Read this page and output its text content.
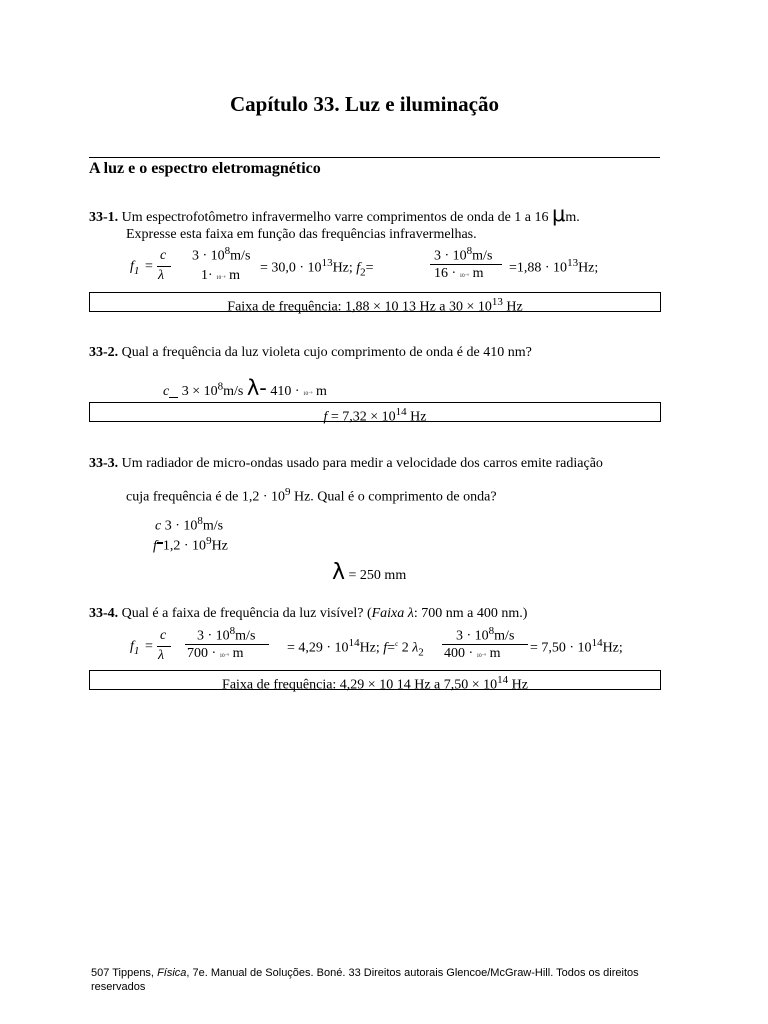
Capítulo 33. Luz e iluminação
A luz e o espectro eletromagnético
33-1. Um espectrofotômetro infravermelho varre comprimentos de onda de 1 a 16 μm.
Expresse esta faixa em função das frequências infravermelhas.
$f_1$ =
c
λ
$3 \cdot 10^8m/s$
1· 10⁻⁶ $m = 30,0 \cdot 10^{13}Hz$; $f_2=$
$3 \cdot 10^8m/s$
16 · 10⁻⁶ $m =1,88 \cdot 10^{13}Hz$;
Faixa de frequência: 1,88 × 10 13 Hz a $30 \times 10^{13}$ Hz
33-2. Qual a frequência da luz violeta cujo comprimento de onda é de 410 nm?
c $3 \times 10^8m/s$ λ- 410 · 10⁻⁹ m
$f = 7,32 \times 10^{14}$ Hz
33-3. Um radiador de micro-ondas usado para medir a velocidade dos carros emite radiação
cuja frequência é de $1,2 \cdot 10^9$ Hz. Qual é o comprimento de onda?
c $3 \cdot 10^8m/s$
f $1,2 \cdot 10^9Hz$
λ = 250 mm
33-4. Qual é a faixa de frequência da luz visível? (Faixa λ: 700 nm a 400 nm.)
$f_1$ =
c
λ
$3 \cdot 10^8m/s$
700 · 10⁻⁹ m	= $4,29 \cdot 10^{14}Hz$; f=$^c$ 2 $\lambda_2$
$3 \cdot 10^8m/s$
400 · 10⁻⁹ $m = 7,50 \cdot 10^{14}Hz$;
Faixa de frequência: 4,29 × 10 14 Hz a $7,50 \times 10^{14}$ Hz
507 Tippens, Física, 7e. Manual de Soluções. Boné. 33 Direitos autorais Glencoe/McGraw-Hill. Todos os direitos
reservados
